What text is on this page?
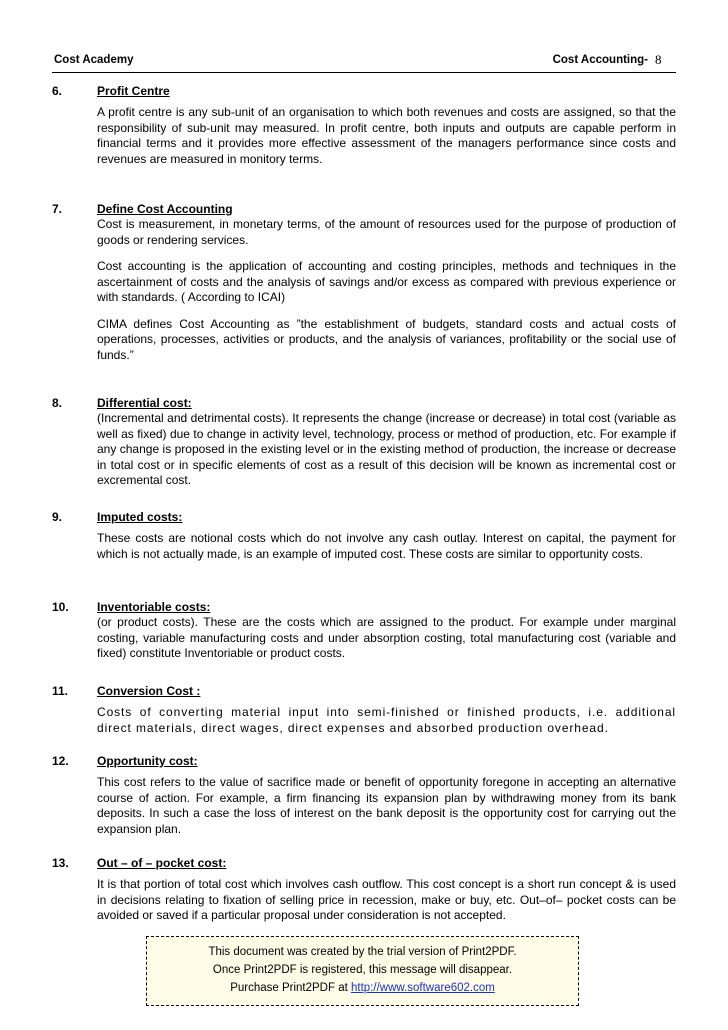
Cost Academy	Cost Accounting- 8
6.	Profit Centre
A profit centre is any sub-unit of an organisation to which both revenues and costs are assigned, so that the responsibility of sub-unit may measured. In profit centre, both inputs and outputs are capable perform in financial terms and it provides more effective assessment of the managers performance since costs and revenues are measured in monitory terms.
7.	Define Cost Accounting
Cost is measurement, in monetary terms, of the amount of resources used for the purpose of production of goods or rendering services.
Cost accounting is the application of accounting and costing principles, methods and techniques in the ascertainment of costs and the analysis of savings and/or excess as compared with previous experience or with standards. ( According to ICAI)
CIMA defines Cost Accounting as ”the establishment of budgets, standard costs and actual costs of operations, processes, activities or products, and the analysis of variances, profitability or the social use of funds.”
8.	Differential cost:
(Incremental and detrimental costs). It represents the change (increase or decrease) in total cost (variable as well as fixed) due to change in activity level, technology, process or method of production, etc. For example if any change is proposed in the existing level or in the existing method of production, the increase or decrease in total cost or in specific elements of cost as a result of this decision will be known as incremental cost or excremental cost.
9.	Imputed costs:
These costs are notional costs which do not involve any cash outlay. Interest on capital, the payment for which is not actually made, is an example of imputed cost. These costs are similar to opportunity costs.
10. Inventoriable costs:
(or product costs). These are the costs which are assigned to the product. For example under marginal costing, variable manufacturing costs and under absorption costing, total manufacturing cost (variable and fixed) constitute Inventoriable or product costs.
11. Conversion Cost :
Costs of converting material input into semi-finished or finished products, i.e. additional direct materials, direct wages, direct expenses and absorbed production overhead.
12. Opportunity cost:
This cost refers to the value of sacrifice made or benefit of opportunity foregone in accepting an alternative course of action. For example, a firm financing its expansion plan by withdrawing money from its bank deposits. In such a case the loss of interest on the bank deposit is the opportunity cost for carrying out the expansion plan.
13. Out – of – pocket cost:
It is that portion of total cost which involves cash outflow. This cost concept is a short run concept & is used in decisions relating to fixation of selling price in recession, make or buy, etc. Out–of– pocket costs can be avoided or saved if a particular proposal under consideration is not accepted.
This document was created by the trial version of Print2PDF.
Once Print2PDF is registered, this message will disappear.
Purchase Print2PDF at http://www.software602.com
